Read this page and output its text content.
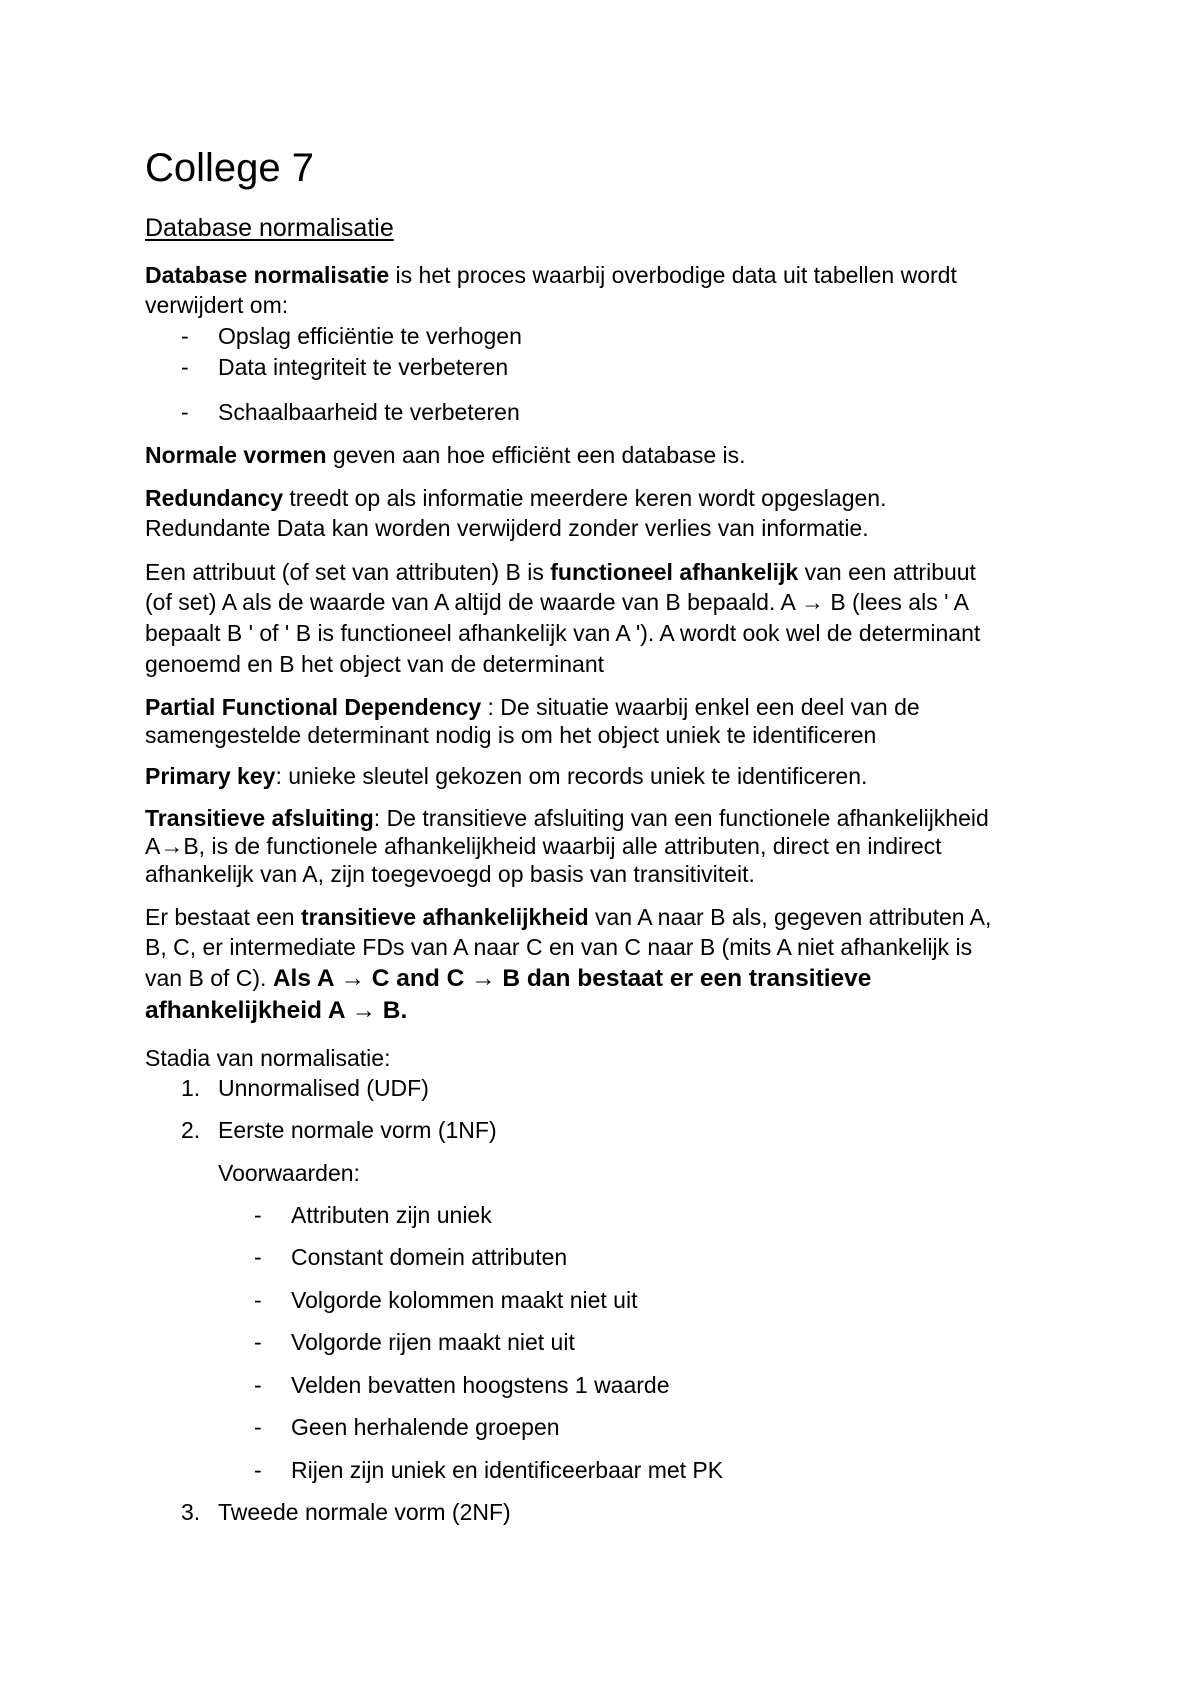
College 7
Database normalisatie
Database normalisatie is het proces waarbij overbodige data uit tabellen wordt
verwijdert om:
- Opslag efficiëntie te verhogen
- Data integriteit te verbeteren
- Schaalbaarheid te verbeteren
Normale vormen geven aan hoe efficiënt een database is.
Redundancy treedt op als informatie meerdere keren wordt opgeslagen.
Redundante Data kan worden verwijderd zonder verlies van informatie.
Een attribuut (of set van attributen) B is functioneel afhankelijk van een attribuut
(of set) A als de waarde van A altijd de waarde van B bepaald. A → B (lees als ' A
bepaalt B ' of ' B is functioneel afhankelijk van A '). A wordt ook wel de determinant
genoemd en B het object van de determinant
Partial Functional Dependency : De situatie waarbij enkel een deel van de
samengestelde determinant nodig is om het object uniek te identificeren
Primary key: unieke sleutel gekozen om records uniek te identificeren.
Transitieve afsluiting: De transitieve afsluiting van een functionele afhankelijkheid
A→B, is de functionele afhankelijkheid waarbij alle attributen, direct en indirect
afhankelijk van A, zijn toegevoegd op basis van transitiviteit.
Er bestaat een transitieve afhankelijkheid van A naar B als, gegeven attributen A,
B, C, er intermediate FDs van A naar C en van C naar B (mits A niet afhankelijk is
van B of C). Als A → C and C → B dan bestaat er een transitieve
afhankelijkheid A → B.
Stadia van normalisatie:
1. Unnormalised (UDF)
2. Eerste normale vorm (1NF)
Voorwaarden:
- Attributen zijn uniek
- Constant domein attributen
- Volgorde kolommen maakt niet uit
- Volgorde rijen maakt niet uit
- Velden bevatten hoogstens 1 waarde
- Geen herhalende groepen
- Rijen zijn uniek en identificeerbaar met PK
3. Tweede normale vorm (2NF)
